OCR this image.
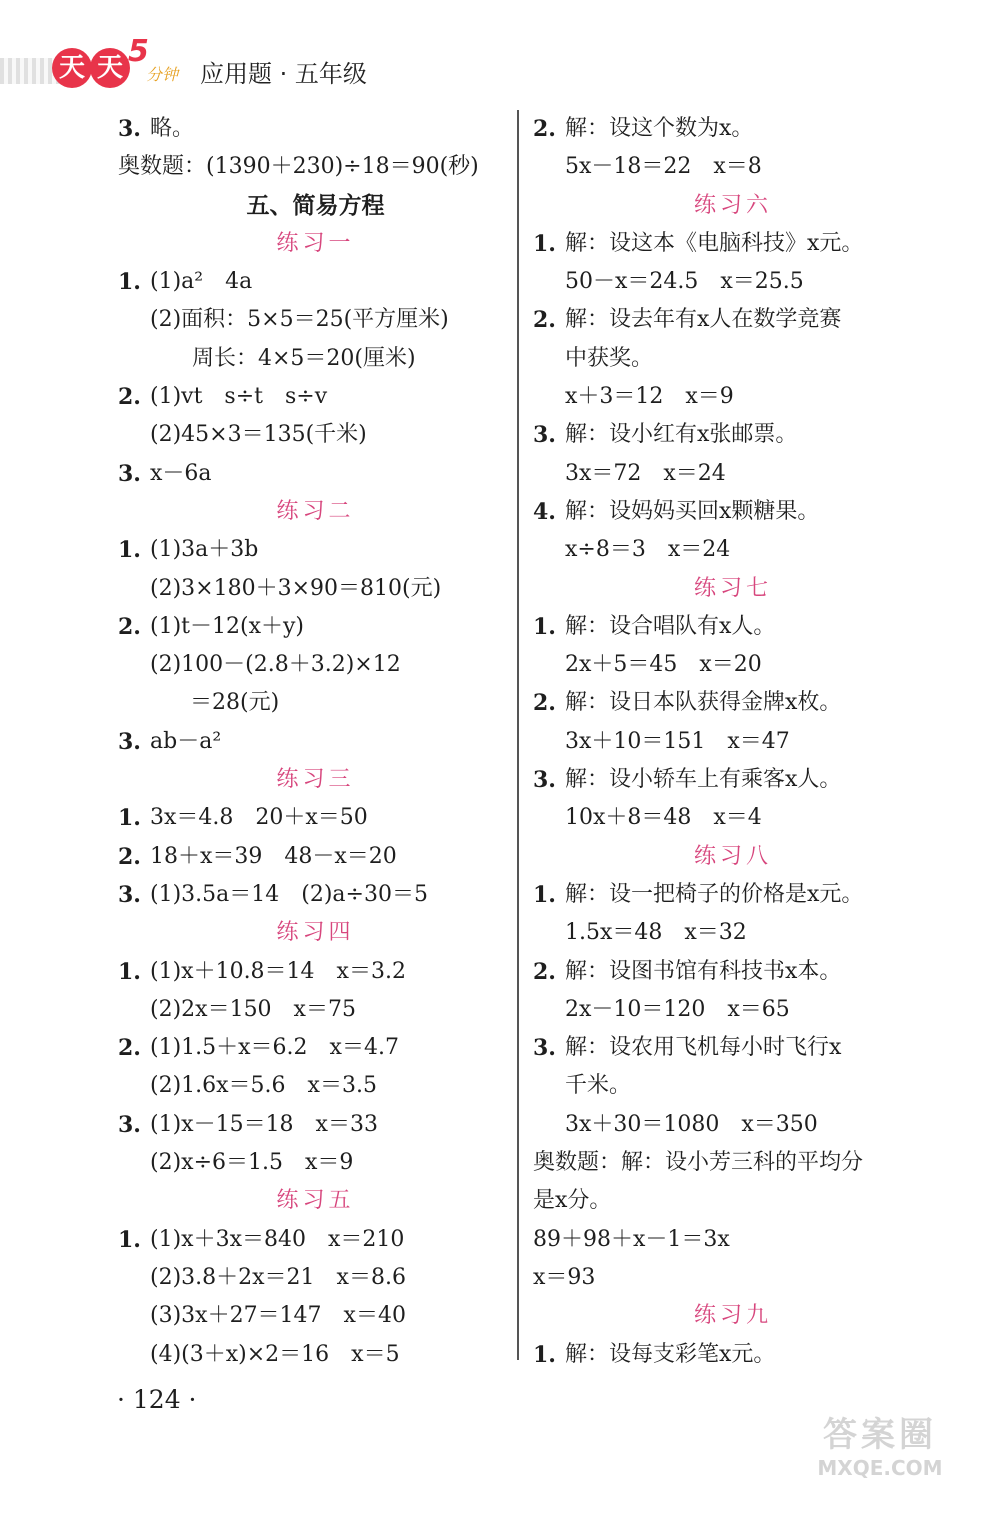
天 天 5
分钟 应用题 · 五年级
3. 略。
奥数题：(1390＋230)÷18＝90(秒)
五、简易方程
练习一
1. (1)a²　4a
(2)面积：5×5＝25(平方厘米)
周长：4×5＝20(厘米)
2. (1)vt　s÷t　s÷v
(2)45×3＝135(千米)
3. x－6a
练习二
1. (1)3a＋3b
(2)3×180＋3×90＝810(元)
2. (1)t－12(x＋y)
(2)100－(2.8＋3.2)×12
＝28(元)
3. ab－a²
练习三
1. 3x＝4.8　20＋x＝50
2. 18＋x＝39　48－x＝20
3. (1)3.5a＝14　(2)a÷30＝5
练习四
1. (1)x＋10.8＝14　x＝3.2
(2)2x＝150　x＝75
2. (1)1.5＋x＝6.2　x＝4.7
(2)1.6x＝5.6　x＝3.5
3. (1)x－15＝18　x＝33
(2)x÷6＝1.5　x＝9
练习五
1. (1)x＋3x＝840　x＝210
(2)3.8＋2x＝21　x＝8.6
(3)3x＋27＝147　x＝40
(4)(3＋x)×2＝16　x＝5
2. 解：设这个数为x。
5x－18＝22　x＝8
练习六
1. 解：设这本《电脑科技》x元。
50－x＝24.5　x＝25.5
2. 解：设去年有x人在数学竞赛
中获奖。
x＋3＝12　x＝9
3. 解：设小红有x张邮票。
3x＝72　x＝24
4. 解：设妈妈买回x颗糖果。
x÷8＝3　x＝24
练习七
1. 解：设合唱队有x人。
2x＋5＝45　x＝20
2. 解：设日本队获得金牌x枚。
3x＋10＝151　x＝47
3. 解：设小轿车上有乘客x人。
10x＋8＝48　x＝4
练习八
1. 解：设一把椅子的价格是x元。
1.5x＝48　x＝32
2. 解：设图书馆有科技书x本。
2x－10＝120　x＝65
3. 解：设农用飞机每小时飞行x
千米。
3x＋30＝1080　x＝350
奥数题：解：设小芳三科的平均分
是x分。
89＋98＋x－1＝3x
x＝93
练习九
1. 解：设每支彩笔x元。
· 124 ·
答案圈
MXQE.COM
